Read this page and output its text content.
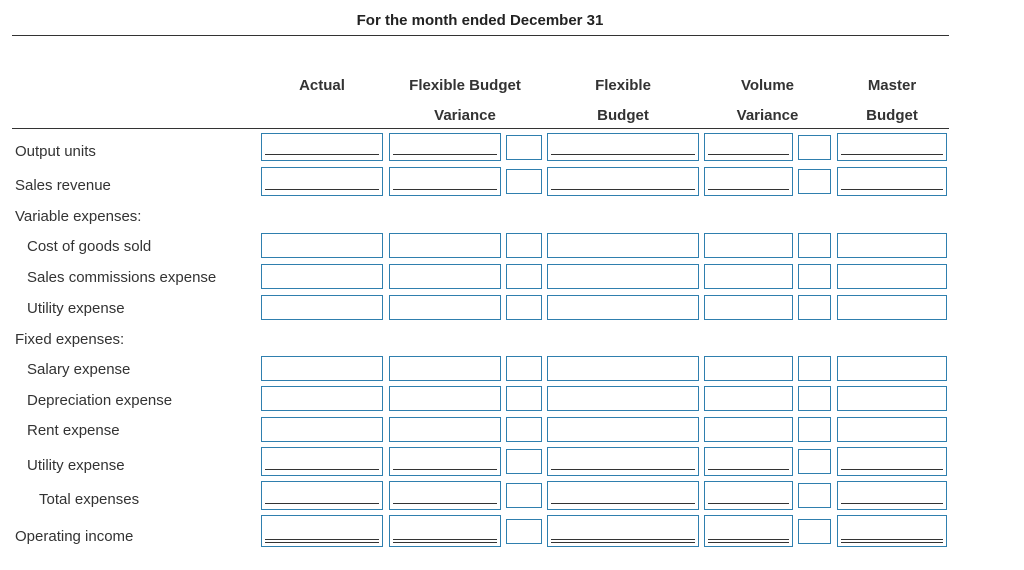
For the month ended December 31
Actual	Flexible Budget
Variance
Flexible
Budget
Volume
Variance
Master
Budget
Output units
Sales revenue
Variable expenses:
Cost of goods sold
Sales commissions expense
Utility expense
Fixed expenses:
Salary expense
Depreciation expense
Rent expense
Utility expense
Total expenses
Operating income
